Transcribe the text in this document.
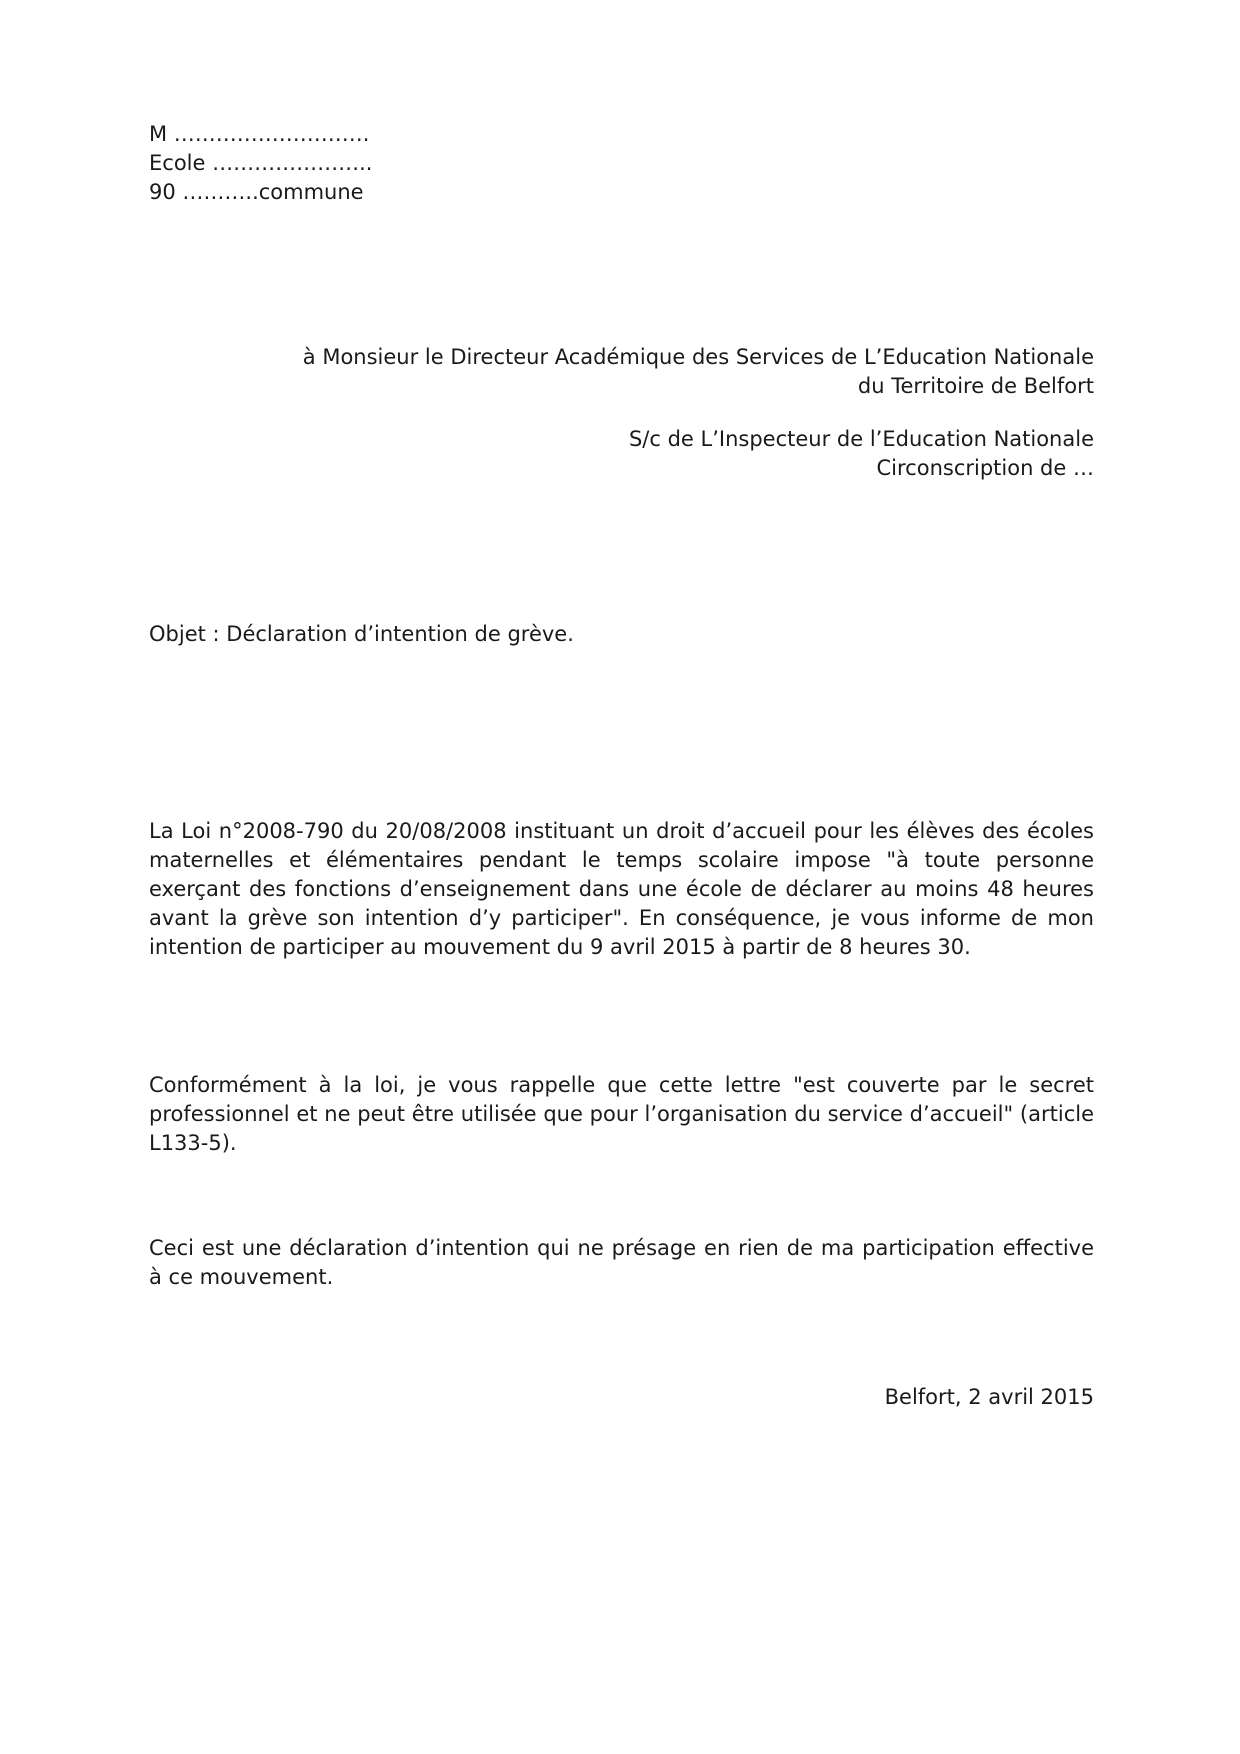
M ……………………….
Ecole …………………..
90 ………..commune
à Monsieur le Directeur Académique des Services de L’Education Nationale
du Territoire de Belfort
S/c de L’Inspecteur de l’Education Nationale
Circonscription de …
Objet : Déclaration d’intention de grève.

La Loi n°2008-790 du 20/08/2008 instituant un droit d’accueil pour les élèves des écoles maternelles et élémentaires pendant le temps scolaire impose "à toute personne exerçant des fonctions d’enseignement dans une école de déclarer au moins 48 heures avant la grève son intention d’y participer". En conséquence, je vous informe de mon intention de participer au mouvement du 9 avril 2015 à partir de 8 heures 30.

Conformément à la loi, je vous rappelle que cette lettre "est couverte par le secret professionnel et ne peut être utilisée que pour l’organisation du service d’accueil" (article L133-5).

Ceci est une déclaration d’intention qui ne présage en rien de ma participation effective à ce mouvement.

Belfort, 2 avril 2015
